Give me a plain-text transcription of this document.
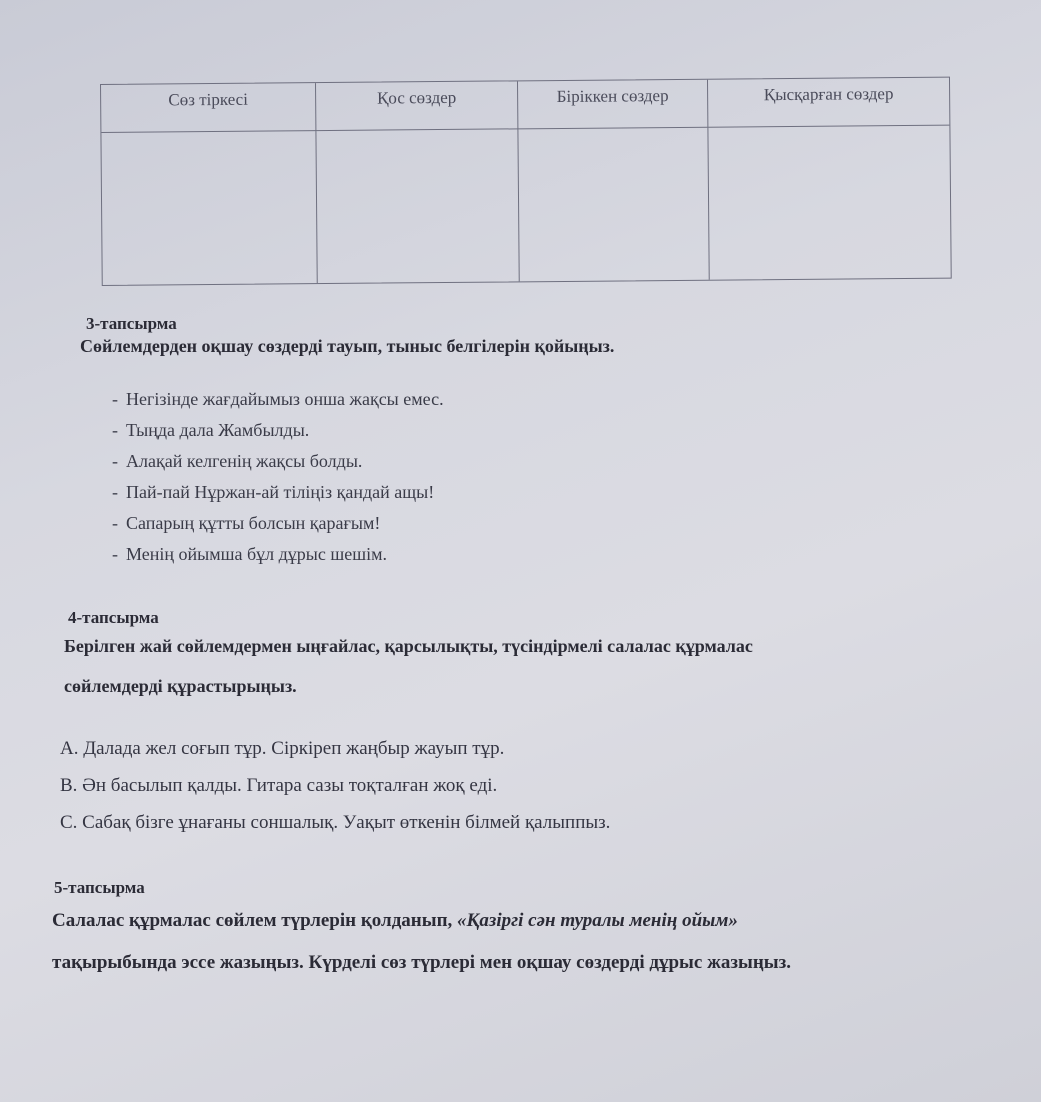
Сөз тіркесі	Қос сөздер	Біріккен сөздер	Қысқарған сөздер
3-тапсырма
Сөйлемдерден оқшау сөздерді тауып, тыныс белгілерін қойыңыз.
- Негізінде жағдайымыз онша жақсы емес.
- Тыңда дала Жамбылды.
- Алақай келгенің жақсы болды.
- Пай-пай Нұржан-ай тіліңіз қандай ащы!
- Сапарың құтты болсын қарағым!
- Менің ойымша бұл дұрыс шешім.
4-тапсырма
Берілген жай сөйлемдермен ыңғайлас, қарсылықты, түсіндірмелі салалас құрмалас
сөйлемдерді құрастырыңыз.
A. Далада жел соғып тұр. Сіркіреп жаңбыр жауып тұр.
B. Ән басылып қалды. Гитара сазы тоқталған жоқ еді.
C. Сабақ бізге ұнағаны соншалық. Уақыт өткенін білмей қалыппыз.
5-тапсырма
Салалас құрмалас сөйлем түрлерін қолданып, «Қазіргі сән туралы менің ойым»
тақырыбында эссе жазыңыз. Күрделі сөз түрлері мен оқшау сөздерді дұрыс жазыңыз.
